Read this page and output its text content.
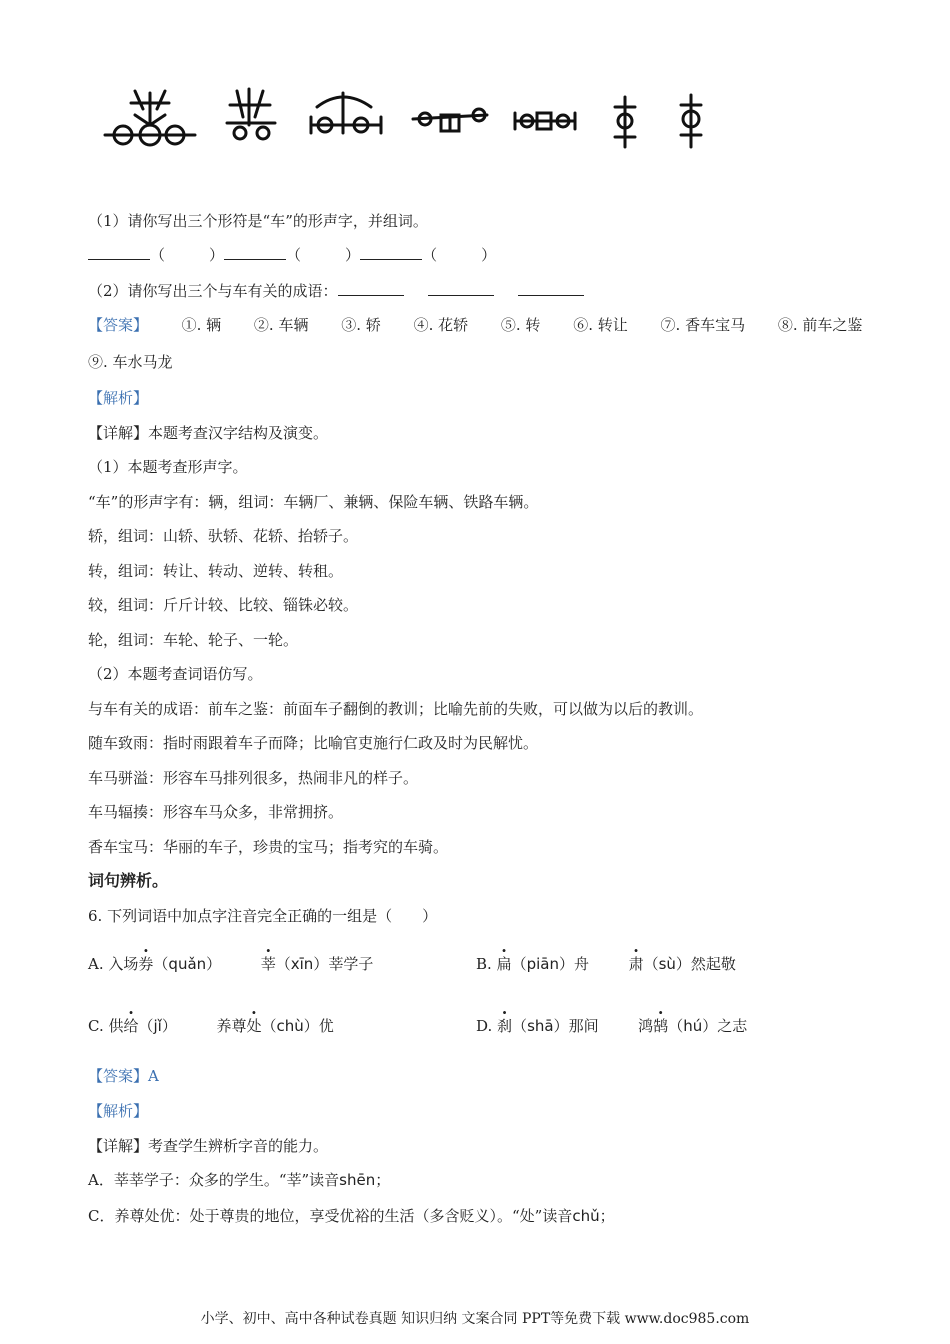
（1）请你写出三个形符是“车”的形声字，并组词。
（	）	（	）	（	）
（2）请你写出三个与车有关的成语：
【答案】 ①. 辆 ②. 车辆 ③. 轿 ④. 花轿 ⑤. 转 ⑥. 转让 ⑦. 香车宝马 ⑧. 前车之鉴
⑨. 车水马龙
【解析】
【详解】本题考查汉字结构及演变。
（1）本题考查形声字。
“车”的形声字有：辆，组词：车辆厂、兼辆、保险车辆、铁路车辆。
轿，组词：山轿、驮轿、花轿、抬轿子。
转，组词：转让、转动、逆转、转租。
较，组词：斤斤计较、比较、锱铢必较。
轮，组词：车轮、轮子、一轮。
（2）本题考查词语仿写。
与车有关的成语：前车之鉴：前面车子翻倒的教训；比喻先前的失败，可以做为以后的教训。
随车致雨：指时雨跟着车子而降；比喻官吏施行仁政及时为民解忧。
车马骈溢：形容车马排列很多，热闹非凡的样子。
车马辐揍：形容车马众多，非常拥挤。
香车宝马：华丽的车子，珍贵的宝马；指考究的车骑。
词句辨析。
6. 下列词语中加点字注音完全正确的一组是（　　）
A. 入场券（quǎn）	莘（xīn）莘学子	B. 扁（piān）舟	肃（sù）然起敬
C. 供给（jǐ）	养尊处（chù）优	D. 刹（shā）那间	鸿鹄（hú）之志
【答案】A
【解析】
【详解】考查学生辨析字音的能力。
A．莘莘学子：众多的学生。“莘”读音shēn；
C．养尊处优：处于尊贵的地位，享受优裕的生活（多含贬义）。“处”读音chǔ；
小学、初中、高中各种试卷真题 知识归纳 文案合同 PPT等免费下载 www.doc985.com
